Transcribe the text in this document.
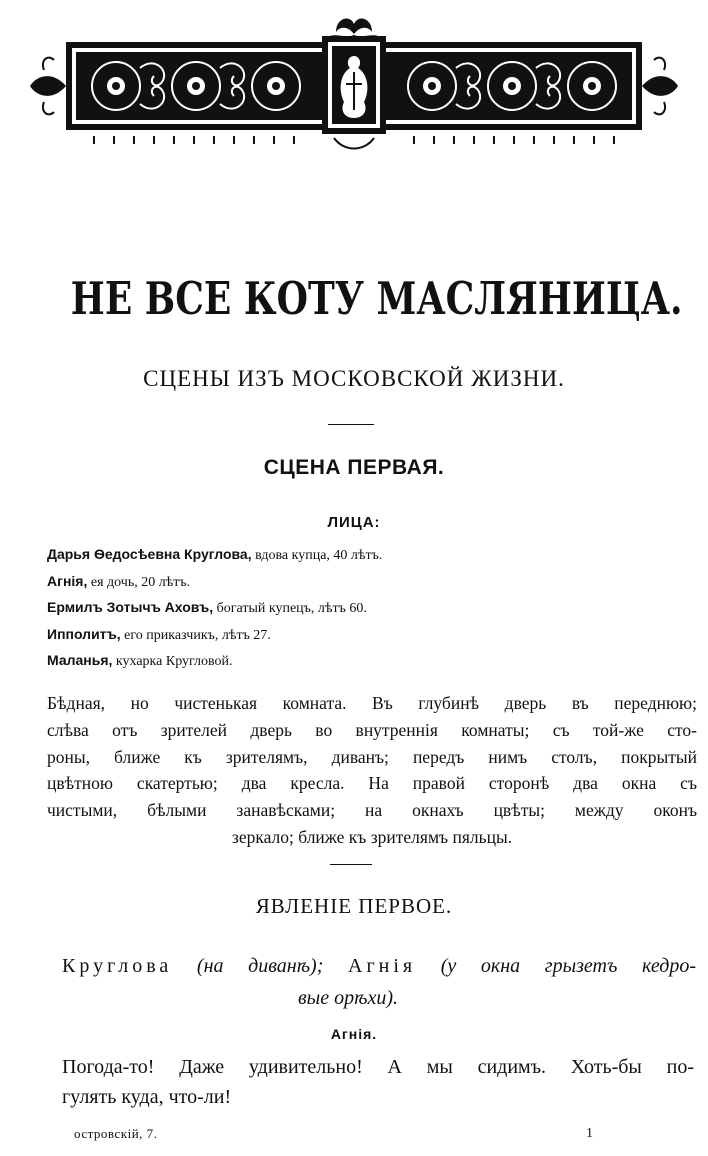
НЕ ВСЕ КОТУ МАСЛЯНИЦА.
СЦЕНЫ ИЗЪ МОСКОВСКОЙ ЖИЗНИ.
СЦЕНА ПЕРВАЯ.
ЛИЦА:
Дарья Ѳедосѣевна Круглова, вдова купца, 40 лѣтъ.
Агнія, ея дочь, 20 лѣтъ.
Ермилъ Зотычъ Аховъ, богатый купецъ, лѣтъ 60.
Ипполитъ, его приказчикъ, лѣтъ 27.
Маланья, кухарка Кругловой.
Бѣдная, но чистенькая комната. Въ глубинѣ дверь въ переднюю;
слѣва отъ зрителей дверь во внутреннія комнаты; съ той-же сто-
роны, ближе къ зрителямъ, диванъ; передъ нимъ столъ, покрытый
цвѣтною скатертью; два кресла. На правой сторонѣ два окна съ
чистыми, бѣлыми занавѣсками; на окнахъ цвѣты; между оконъ
зеркало; ближе къ зрителямъ пяльцы.
ЯВЛЕНІЕ ПЕРВОЕ.
Круглова (на диванѣ); Агнія (у окна грызетъ кедро-
вые орѣхи).
Агнія.
Погода-то! Даже удивительно! А мы сидимъ. Хоть-бы по-
гулять куда, что-ли!
островскій, 7.	1
